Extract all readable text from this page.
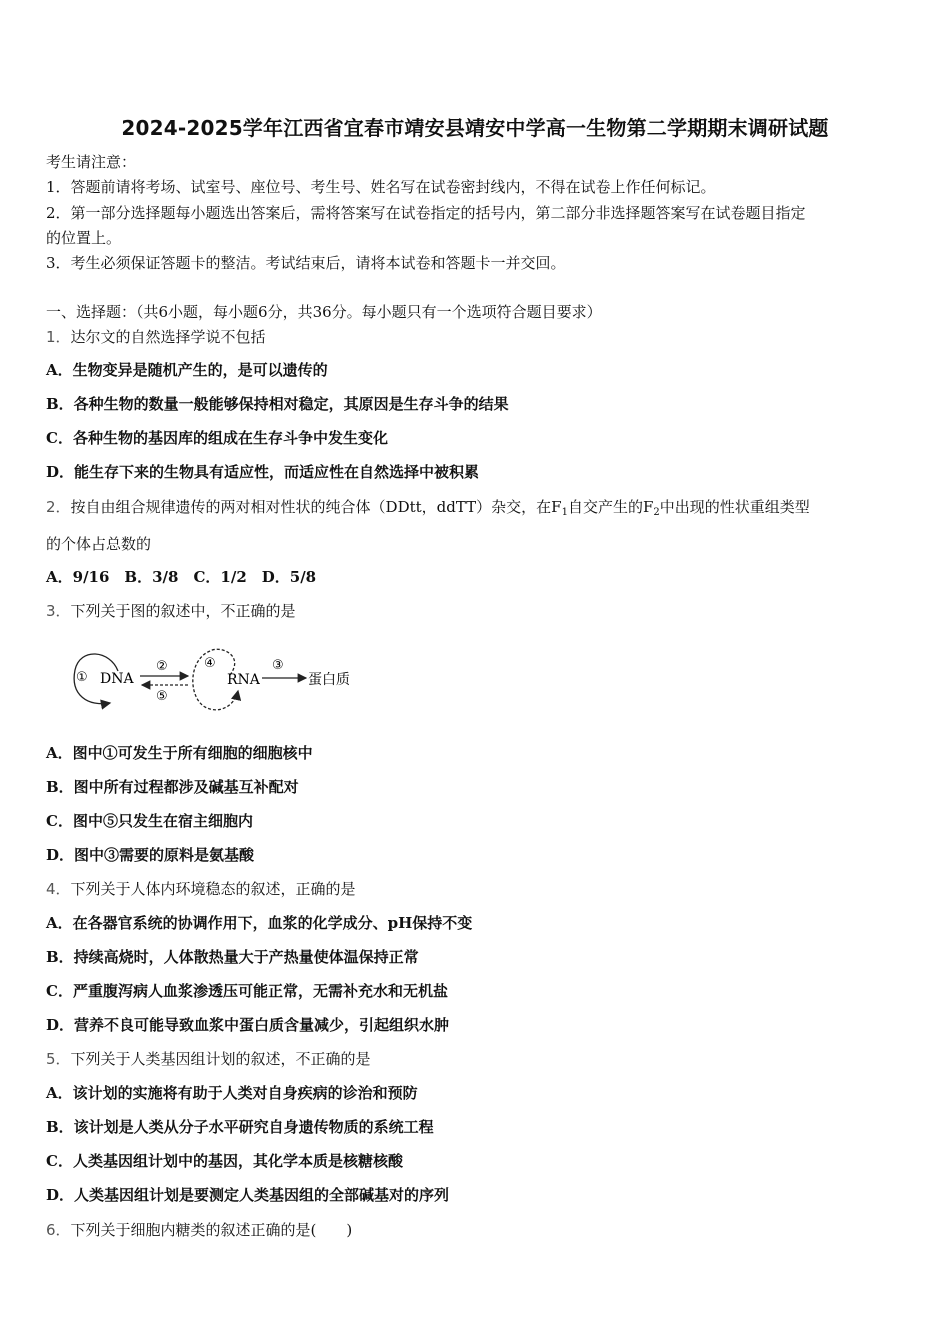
2024-2025学年江西省宜春市靖安县靖安中学高一生物第二学期期末调研试题
考生请注意：
1．答题前请将考场、试室号、座位号、考生号、姓名写在试卷密封线内，不得在试卷上作任何标记。
2．第一部分选择题每小题选出答案后，需将答案写在试卷指定的括号内，第二部分非选择题答案写在试卷题目指定
的位置上。
3．考生必须保证答题卡的整洁。考试结束后，请将本试卷和答题卡一并交回。
一、选择题：（共6小题，每小题6分，共36分。每小题只有一个选项符合题目要求）
1．达尔文的自然选择学说不包括
A．生物变异是随机产生的，是可以遗传的
B．各种生物的数量一般能够保持相对稳定，其原因是生存斗争的结果
C．各种生物的基因库的组成在生存斗争中发生变化
D．能生存下来的生物具有适应性，而适应性在自然选择中被积累
2．按自由组合规律遗传的两对相对性状的纯合体（DDtt，ddTT）杂交，在$F_1$自交产生的$F_2$中出现的性状重组类型
的个体占总数的
A．9/16　B．3/8　C．1/2　D．5/8
3．下列关于图的叙述中，不正确的是
① DNA
②
⑤
④
RNA
③
蛋白质
A．图中①可发生于所有细胞的细胞核中
B．图中所有过程都涉及碱基互补配对
C．图中⑤只发生在宿主细胞内
D．图中③需要的原料是氨基酸
4．下列关于人体内环境稳态的叙述，正确的是
A．在各器官系统的协调作用下，血浆的化学成分、pH保持不变
B．持续高烧时，人体散热量大于产热量使体温保持正常
C．严重腹泻病人血浆渗透压可能正常，无需补充水和无机盐
D．营养不良可能导致血浆中蛋白质含量减少，引起组织水肿
5．下列关于人类基因组计划的叙述，不正确的是
A．该计划的实施将有助于人类对自身疾病的诊治和预防
B．该计划是人类从分子水平研究自身遗传物质的系统工程
C．人类基因组计划中的基因，其化学本质是核糖核酸
D．人类基因组计划是要测定人类基因组的全部碱基对的序列
6．下列关于细胞内糖类的叙述正确的是(　　)
